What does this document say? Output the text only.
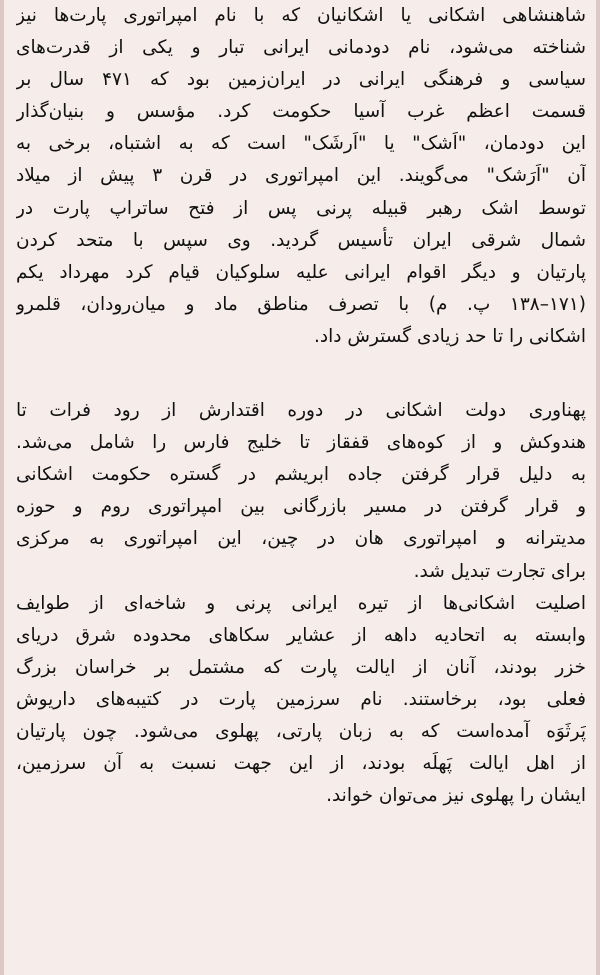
شاهنشاهی اشکانی یا اشکانیان که با نام امپراتوری پارت‌ها نیز
شناخته می‌شود، نام دودمانی ایرانی تبار و یکی از قدرت‌های
سیاسی و فرهنگی ایرانی در ایران‌زمین بود که ۴۷۱ سال بر
قسمت اعظم غرب آسیا حکومت کرد. مؤسس و بنیان‌گذار
این دودمان، "اَشک" یا "اَرشَک" است که به اشتباه، برخی به
آن "اَرَشک" می‌گویند. این امپراتوری در قرن ۳ پیش از میلاد
توسط اشک رهبر قبیله پرنی پس از فتح ساتراپ پارت در
شمال شرقی ایران تأسیس گردید. وی سپس با متحد کردن
پارتیان و دیگر اقوام ایرانی علیه سلوکیان قیام کرد مهرداد یکم
(۱۷۱–۱۳۸ پ. م) با تصرف مناطق ماد و میان‌رودان، قلمرو
اشکانی را تا حد زیادی گسترش داد.

پهناوری دولت اشکانی در دوره اقتدارش از رود فرات تا
هندوکش و از کوه‌های قفقاز تا خلیج فارس را شامل می‌شد.
به دلیل قرار گرفتن جاده ابریشم در گستره حکومت اشکانی
و قرار گرفتن در مسیر بازرگانی بین امپراتوری روم و حوزه
مدیترانه و امپراتوری هان در چین، این امپراتوری به مرکزی
برای تجارت تبدیل شد.

اصلیت اشکانی‌ها از تیره ایرانی پرنی و شاخه‌ای از طوایف
وابسته به اتحادیه داهه از عشایر سکاهای محدوده شرق دریای
خزر بودند، آنان از ایالت پارت که مشتمل بر خراسان بزرگ
فعلی بود، برخاستند. نام سرزمین پارت در کتیبه‌های داریوش
پَرثَوَه آمده‌است که به زبان پارتی، پهلوی می‌شود. چون پارتیان
از اهل ایالت پَهلَه بودند، از این جهت نسبت به آن سرزمین،
ایشان را پهلوی نیز می‌توان خواند.
